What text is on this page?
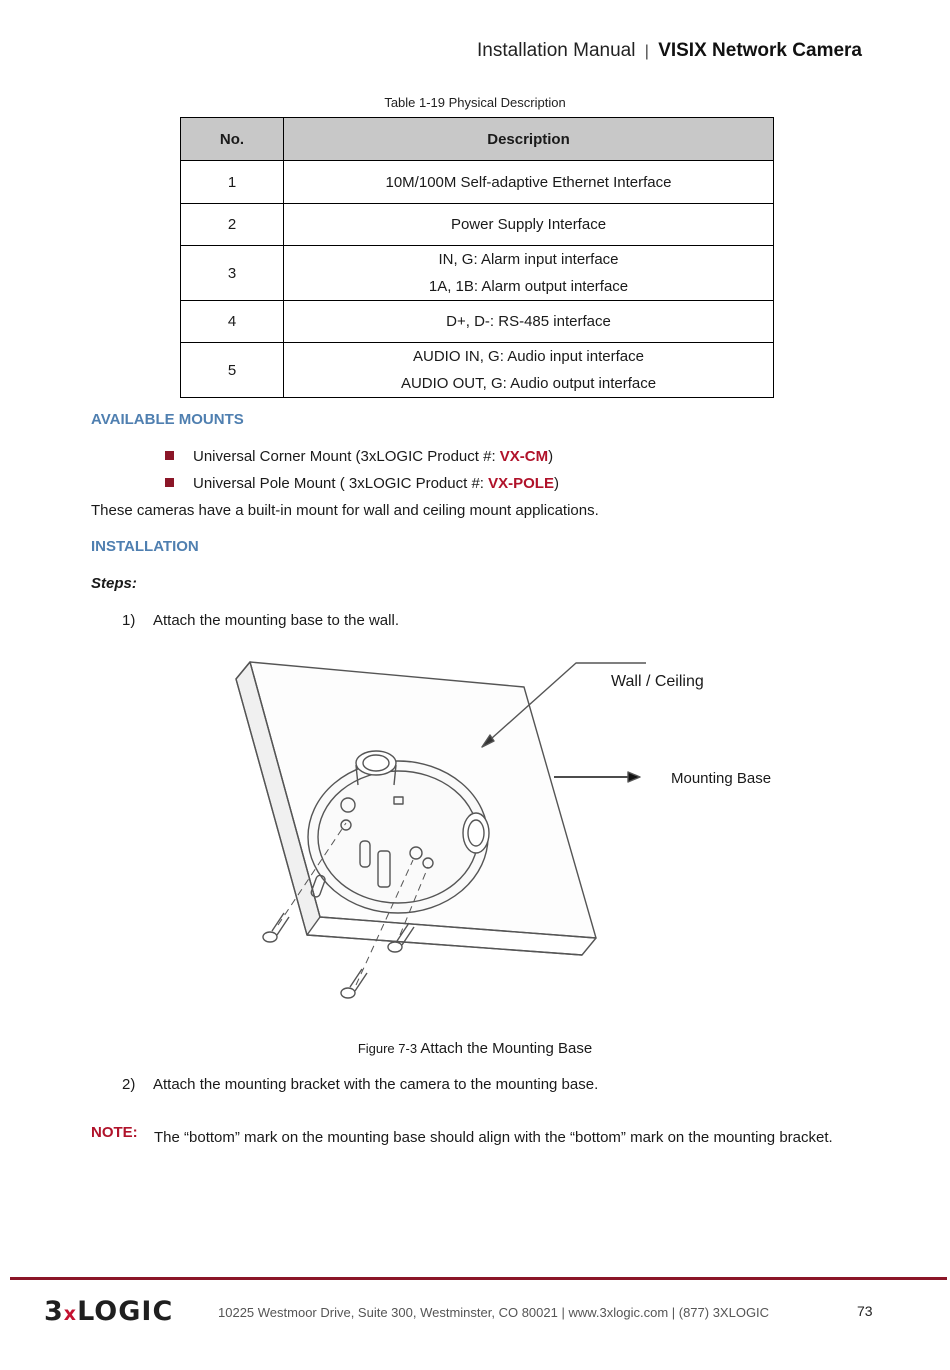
Installation Manual | VISIX Network Camera
Table 1-19 Physical Description
No.	Description
1	10M/100M Self-adaptive Ethernet Interface

2	Power Supply Interface

3	IN, G: Alarm input interface
1A, 1B: Alarm output interface

4	D+, D-: RS-485 interface

5	AUDIO IN, G: Audio input interface
AUDIO OUT, G: Audio output interface
AVAILABLE MOUNTS
Universal Corner Mount (3xLOGIC Product #: VX-CM)
Universal Pole Mount ( 3xLOGIC Product #: VX-POLE)
These cameras have a built-in mount for wall and ceiling mount applications.
INSTALLATION
Steps:
1) Attach the mounting base to the wall.
Wall / Ceiling
Mounting Base
Figure 7-3 Attach the Mounting Base
2) Attach the mounting bracket with the camera to the mounting base.
NOTE: The “bottom” mark on the mounting base should align with the “bottom” mark on the mounting bracket.
3xLOGIC	10225 Westmoor Drive, Suite 300, Westminster, CO 80021 | www.3xlogic.com | (877) 3XLOGIC	73
